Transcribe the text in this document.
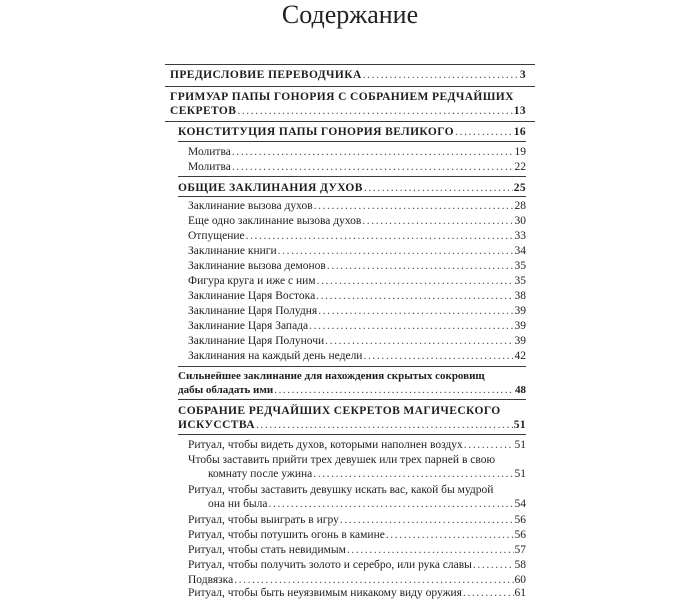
Содержание
ПРЕДИСЛОВИЕ ПЕРЕВОДЧИКА .....	3
ГРИМУАР ПАПЫ ГОНОРИЯ С СОБРАНИЕМ РЕДЧАЙШИХ
СЕКРЕТОВ .....	13
КОНСТИТУЦИЯ ПАПЫ ГОНОРИЯ ВЕЛИКОГО .....	16
Молитва .....	19
Молитва .....	22
ОБЩИЕ ЗАКЛИНАНИЯ ДУХОВ .....	25
Заклинание вызова духов .....	28
Еще одно заклинание вызова духов .....	30
Отпущение .....	33
Заклинание книги .....	34
Заклинание вызова демонов .....	35
Фигура круга и иже с ним .....	35
Заклинание Царя Востока .....	38
Заклинание Царя Полудня .....	39
Заклинание Царя Запада .....	39
Заклинание Царя Полуночи .....	39
Заклинания на каждый день недели .....	42
Сильнейшее заклинание для нахождения скрытых сокровищ
дабы обладать ими .....	48
СОБРАНИЕ РЕДЧАЙШИХ СЕКРЕТОВ МАГИЧЕСКОГО
ИСКУССТВА .....	51
Ритуал, чтобы видеть духов, которыми наполнен воздух .....	51
Чтобы заставить прийти трех девушек или трех парней в свою
комнату после ужина .....	51
Ритуал, чтобы заставить девушку искать вас, какой бы мудрой
она ни была .....	54
Ритуал, чтобы выиграть в игру .....	56
Ритуал, чтобы потушить огонь в камине .....	56
Ритуал, чтобы стать невидимым .....	57
Ритуал, чтобы получить золото и серебро, или рука славы .....	58
Подвязка .....	60
Ритуал, чтобы быть неуязвимым никакому виду оружия .....	61
